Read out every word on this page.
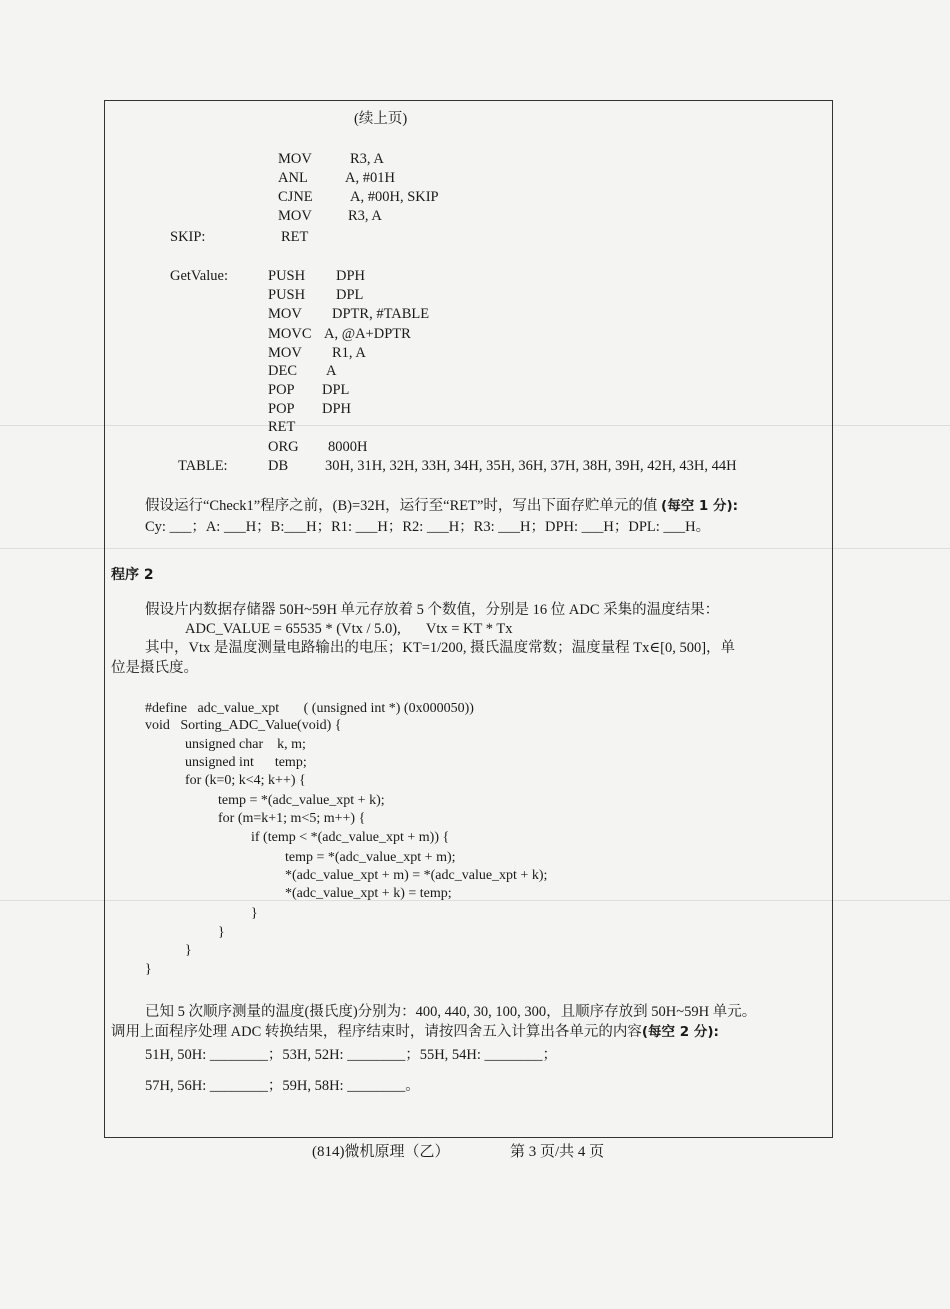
(续上页)
MOV	R3, A
ANL	A, #01H
CJNE	A, #00H, SKIP
MOV R3, A
SKIP:	RET
GetValue:	PUSH DPH
PUSH DPL
MOV DPTR, #TABLE
MOVC A, @A+DPTR
MOV R1, A
DEC A
POP DPL
POP DPH
RET
ORG 8000H
TABLE:	DB	30H, 31H, 32H, 33H, 34H, 35H, 36H, 37H, 38H, 39H, 42H, 43H, 44H
假设运行“Check1”程序之前，(B)=32H，运行至“RET”时，写出下面存贮单元的值 (每空 1 分):
Cy: ___；A: ___H；B:___H；R1: ___H；R2: ___H；R3: ___H；DPH: ___H；DPL: ___H。
程序 2
假设片内数据存储器 50H~59H 单元存放着 5 个数值，分别是 16 位 ADC 采集的温度结果：
ADC_VALUE = 65535 * (Vtx / 5.0),       Vtx = KT * Tx
其中，Vtx 是温度测量电路输出的电压；KT=1/200, 摄氏温度常数；温度量程 Tx∈[0, 500]，单
位是摄氏度。
#define   adc_value_xpt       ( (unsigned int *) (0x000050))
void   Sorting_ADC_Value(void) {
unsigned char    k, m;
unsigned int      temp;
for (k=0; k<4; k++) {
temp = *(adc_value_xpt + k);
for (m=k+1; m<5; m++) {
if (temp < *(adc_value_xpt + m)) {
temp = *(adc_value_xpt + m);
*(adc_value_xpt + m) = *(adc_value_xpt + k);
*(adc_value_xpt + k) = temp;
}
}
}
}
已知 5 次顺序测量的温度(摄氏度)分别为：400, 440, 30, 100, 300，且顺序存放到 50H~59H 单元。
调用上面程序处理 ADC 转换结果，程序结束时，请按四舍五入计算出各单元的内容(每空 2 分):
51H, 50H: ________；53H, 52H: ________；55H, 54H: ________；
57H, 56H: ________；59H, 58H: ________。
(814)微机原理（乙）	第 3 页/共 4 页
